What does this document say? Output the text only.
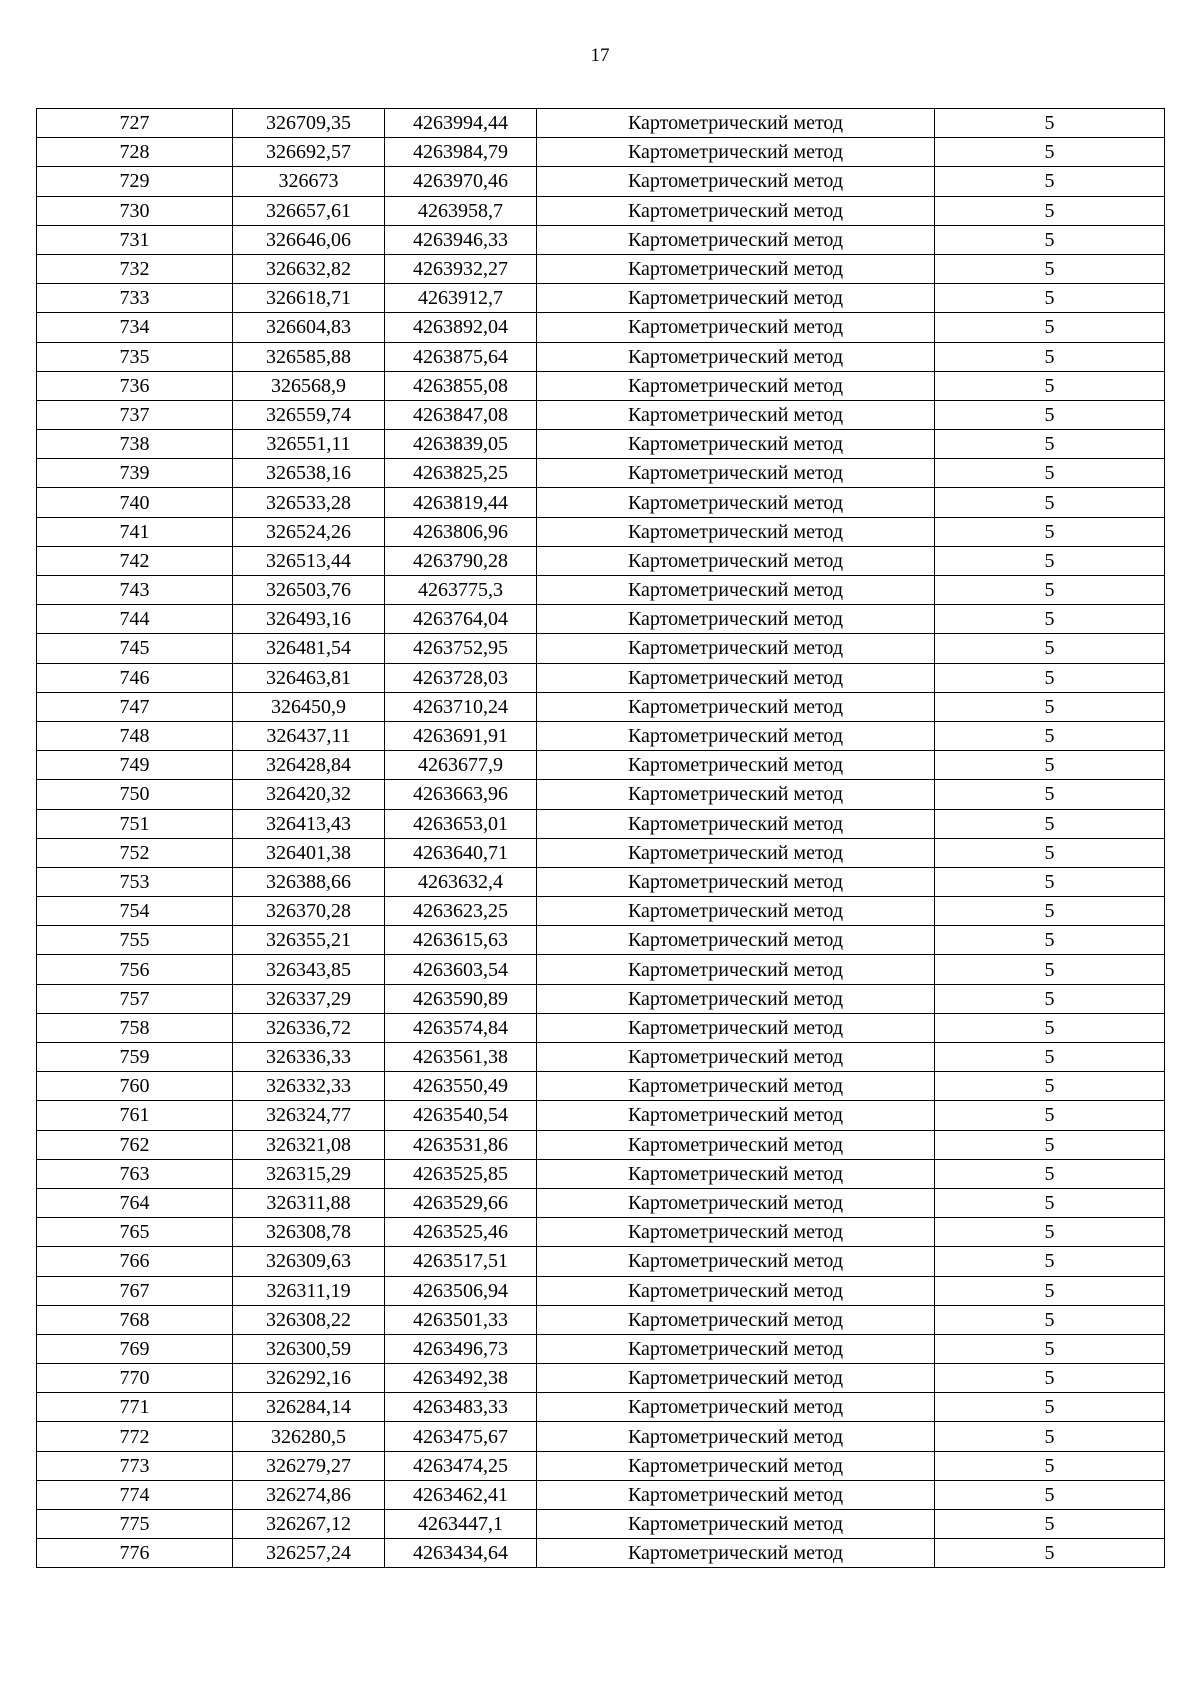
17
727	326709,35	4263994,44	Картометрический метод	5
728	326692,57	4263984,79	Картометрический метод	5
729	326673	4263970,46	Картометрический метод	5
730	326657,61	4263958,7	Картометрический метод	5
731	326646,06	4263946,33	Картометрический метод	5
732	326632,82	4263932,27	Картометрический метод	5
733	326618,71	4263912,7	Картометрический метод	5
734	326604,83	4263892,04	Картометрический метод	5
735	326585,88	4263875,64	Картометрический метод	5
736	326568,9	4263855,08	Картометрический метод	5
737	326559,74	4263847,08	Картометрический метод	5
738	326551,11	4263839,05	Картометрический метод	5
739	326538,16	4263825,25	Картометрический метод	5
740	326533,28	4263819,44	Картометрический метод	5
741	326524,26	4263806,96	Картометрический метод	5
742	326513,44	4263790,28	Картометрический метод	5
743	326503,76	4263775,3	Картометрический метод	5
744	326493,16	4263764,04	Картометрический метод	5
745	326481,54	4263752,95	Картометрический метод	5
746	326463,81	4263728,03	Картометрический метод	5
747	326450,9	4263710,24	Картометрический метод	5
748	326437,11	4263691,91	Картометрический метод	5
749	326428,84	4263677,9	Картометрический метод	5
750	326420,32	4263663,96	Картометрический метод	5
751	326413,43	4263653,01	Картометрический метод	5
752	326401,38	4263640,71	Картометрический метод	5
753	326388,66	4263632,4	Картометрический метод	5
754	326370,28	4263623,25	Картометрический метод	5
755	326355,21	4263615,63	Картометрический метод	5
756	326343,85	4263603,54	Картометрический метод	5
757	326337,29	4263590,89	Картометрический метод	5
758	326336,72	4263574,84	Картометрический метод	5
759	326336,33	4263561,38	Картометрический метод	5
760	326332,33	4263550,49	Картометрический метод	5
761	326324,77	4263540,54	Картометрический метод	5
762	326321,08	4263531,86	Картометрический метод	5
763	326315,29	4263525,85	Картометрический метод	5
764	326311,88	4263529,66	Картометрический метод	5
765	326308,78	4263525,46	Картометрический метод	5
766	326309,63	4263517,51	Картометрический метод	5
767	326311,19	4263506,94	Картометрический метод	5
768	326308,22	4263501,33	Картометрический метод	5
769	326300,59	4263496,73	Картометрический метод	5
770	326292,16	4263492,38	Картометрический метод	5
771	326284,14	4263483,33	Картометрический метод	5
772	326280,5	4263475,67	Картометрический метод	5
773	326279,27	4263474,25	Картометрический метод	5
774	326274,86	4263462,41	Картометрический метод	5
775	326267,12	4263447,1	Картометрический метод	5
776	326257,24	4263434,64	Картометрический метод	5
